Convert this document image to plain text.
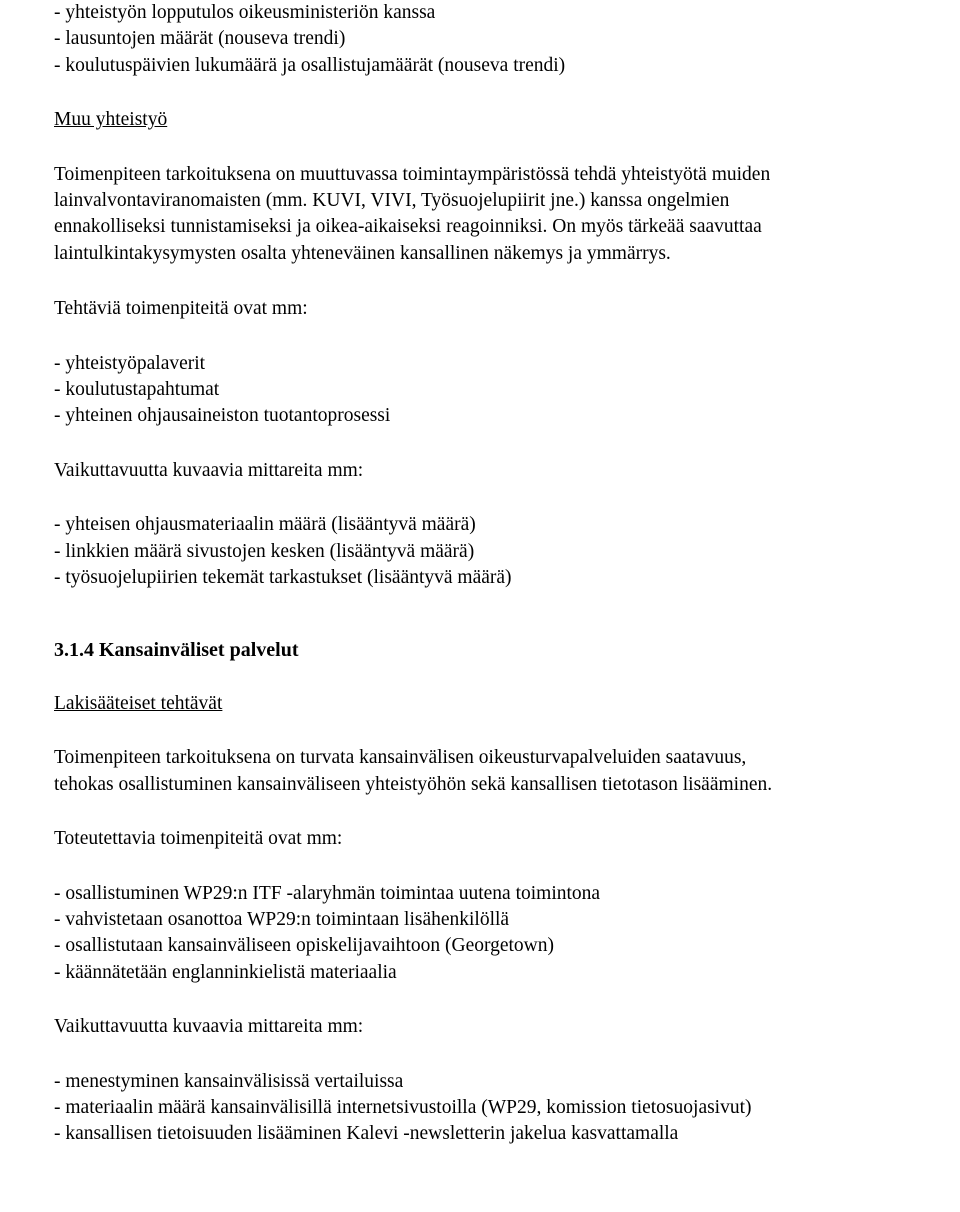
- yhteistyön lopputulos oikeusministeriön kanssa
- lausuntojen määrät (nouseva trendi)
- koulutuspäivien lukumäärä ja osallistujamäärät (nouseva trendi)
Muu yhteistyö
Toimenpiteen tarkoituksena on muuttuvassa toimintaympäristössä tehdä yhteistyötä muiden
lainvalvontaviranomaisten (mm. KUVI, VIVI, Työsuojelupiirit jne.) kanssa ongelmien
ennakolliseksi tunnistamiseksi ja oikea-aikaiseksi reagoinniksi. On myös tärkeää saavuttaa
laintulkintakysymysten osalta yhteneväinen kansallinen näkemys ja ymmärrys.
Tehtäviä toimenpiteitä ovat mm:
- yhteistyöpalaverit
- koulutustapahtumat
- yhteinen ohjausaineiston tuotantoprosessi
Vaikuttavuutta kuvaavia mittareita mm:
- yhteisen ohjausmateriaalin määrä (lisääntyvä määrä)
- linkkien määrä sivustojen kesken (lisääntyvä määrä)
- työsuojelupiirien tekemät tarkastukset (lisääntyvä määrä)
3.1.4 Kansainväliset palvelut
Lakisääteiset tehtävät
Toimenpiteen tarkoituksena on turvata kansainvälisen oikeusturvapalveluiden saatavuus,
tehokas osallistuminen kansainväliseen yhteistyöhön sekä kansallisen tietotason lisääminen.
Toteutettavia toimenpiteitä ovat mm:
- osallistuminen WP29:n ITF -alaryhmän toimintaa uutena toimintona
- vahvistetaan osanottoa WP29:n toimintaan lisähenkilöllä
- osallistutaan kansainväliseen opiskelijavaihtoon (Georgetown)
- käännätetään englanninkielistä materiaalia
Vaikuttavuutta kuvaavia mittareita mm:
- menestyminen kansainvälisissä vertailuissa
- materiaalin määrä kansainvälisillä internetsivustoilla (WP29, komission tietosuojasivut)
- kansallisen tietoisuuden lisääminen Kalevi -newsletterin jakelua kasvattamalla
